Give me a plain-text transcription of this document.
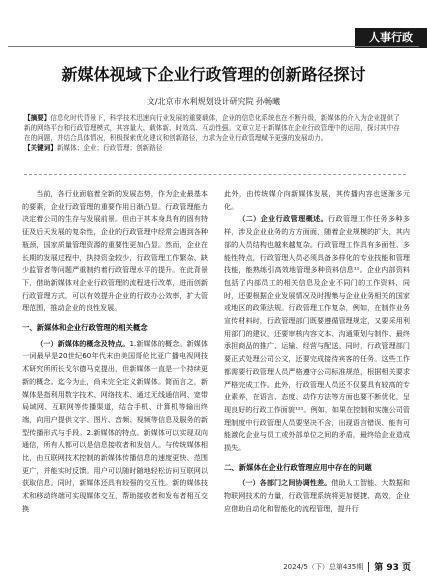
人事行政
新媒体视域下企业行政管理的创新路径探讨
文/北京市水利规划设计研究院 孙畅曦
【摘要】信息化时代背景下，科学技术迅速向行业发展的重要载体，企业的信息化系统也在不断升级，新媒体的介入为企业提供了新的网络平台和行政管理模式，其容量大、载体新、时效高、互动性强。文章立足于新媒体在企业行政管理中的运用，探讨其中存在的问题，并结合具体情况，积极探索优化建议和创新路径，力求为企业行政管理赋予更强的发展动力。
【关键词】新媒体；企业；行政管理；创新路径

当前，各行业面临着全新的发展态势，作为企业最基本的要素，企业行政管理的重要作用日渐凸显。行政管理能力决定着公司的生存与发展前景。但由于其本身具有的固有特征及后天发展的复杂性，企业的行政管理中经常会遇到各种瓶颈，国家质量管理资源的重要性更加凸显。然而，企业在长期的发展过程中，执持资金较少，行政管理工作繁杂、缺少监管者等问题严重制约着行政管理水平的提升。在此背景下，借助新媒体对企业行政管理的流程进行改革，进而创新行政管理方式，可以有效提升企业的行政办公效率，扩大管理范围，推动企业的良性发展。

一、新媒体和企业行政管理的相关概念

（一）新媒体的概念及特点。1.新媒体的概念。新媒体一词最早是20世纪60年代末由美国哥伦比亚广播电视网技术研究所所长戈尔德马克提出，但新媒体一直是一个持续更新的概念。迄今为止，尚未完全定义新媒体。简而言之，新媒体是指利用数字技术、网络技术、通过无线通信网、宽带局域网、互联网等传播渠道，结合手机、计算机等输出终端，向用户提供文字、图片、音频、视频等信息及服务的新型传播形式与手段。2.新媒体的特点。新媒体可以实现双向通信，所有人都可以是信息接收者和发信人。与传统媒体相比，由互联网技术控制的新媒体传播信息的速度更快、范围更广，并能实时反馈。用户可以随时随地轻松访问互联网以获取信息。同时，新媒体还具有较强的交互性。新的媒体技术和移动终端可实现媒体交互，帮助接收者和发布者相互交换

此外，由传统媒介向新媒体发展，其传播内容也逐渐多元化。

（二）企业行政管理概述。行政管理工作任务多种多样，涉及企业业务的方方面面，随着企业规模的扩大，其内部的人员结构也越来越复杂。行政管理工作具有多面性、多能性特点，行政管理人员必须具备多样化的专业技能和管理技能，能熟练引高效地管理多种资料信息¹¹。企业内部资料包括了内部员工的相关信息及企业不同门的工作资料，同时，还要根据企业发展情况及时搜集与企业业务相关的国家或地区的政策法规。行政管理工作复杂，例如，在制作业务宣传材料时，行政管理部门既要遵循管理规定，又要采用利用部门的建议，还要审核内容文本、沟通策划与制作、最终承担商品的推广、运输、经营与配送。同时，行政管理部门要正式处理公司公文，还要完成接待宾客的任务。这些工作都需要行政管理人员严格遵守公司标准规范，根据相关要求严格完成工作。此外，行政管理人员还不仅要具有较高的专业素养，在语言、态度、动作方法等方面也要不断优化，呈现良好的行政工作面貌¹²¹。例如，如果在控制和实施公司管理制度中行政管理人员要坚决不含，出现语言错误、能有可能激化企业与员工或外部单位之间的矛盾，最终给企业造成损失。

二、新媒体在企业行政管理应用中存在的问题

（一）各部门之间协调性差。借助人工智能、大数据和物联网技术的力量，行政管理系统将更加便捷、高效，企业应借助自动化和智能化的流程管理，提升行

2024/5（下）总第435期 第 93 页
